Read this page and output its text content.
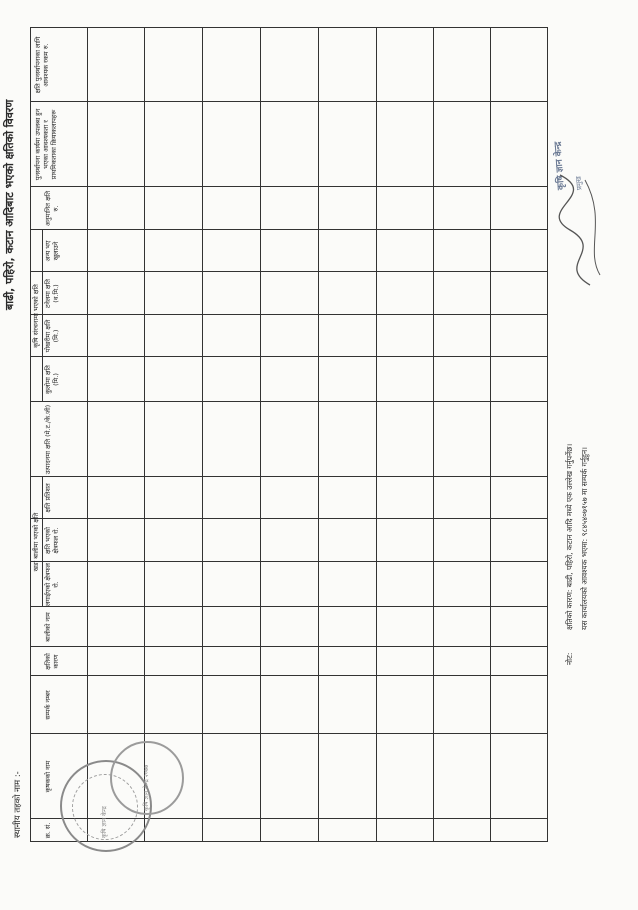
बाढी, पहिरो, कटान आदिबाट भएको क्षतिको विवरण
स्थानीय तहको नाम :-
खडा बालीमा भएको क्षति
कृषि संरचनामा भएको क्षति
क्र. सं.
कृषकको नाम
सम्पर्क नम्बर
क्षतिको कारण
बालीको नाम
लगाईएको क्षेत्रफल रो.
क्षति भएको क्षेत्रफल रो.
क्षति प्रतिशत
उत्पादनमा क्षति (मे.ट./के.जी)
कुलोमा क्षति (मि.)
पोखरीमा क्षति (मि.)
टनेलमा क्षति (व.मि.)
अन्य भए खुलाउने
अनुमानित क्षति रु.
पुनर्स्थापना कार्यमा उपलब्ध हुन भएका आवश्यकता र प्राथमिकताका क्रियाकलापहरू
क्षति पुनर्स्थापनाका लागि आवश्यक रकम रु.
नोट:
क्षतिको कारण: बाढी, पहिरो, कटान आदि मध्ये एक उल्लेख गर्नुपर्नेछ। यस कार्यालयको आवश्यक भएमा: ९८४५४०७१५७ मा सम्पर्क गर्नुहुन।
कृषि ज्ञान केन्द्र
कृषि ज्ञान केन्द्र २०७७
कृषि ज्ञान केन्द्र प्रमुख
